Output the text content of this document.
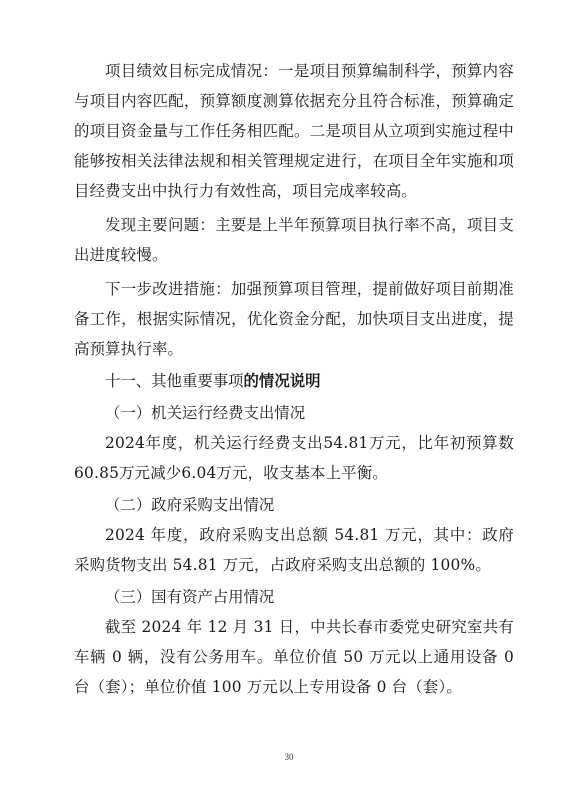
项目绩效目标完成情况：一是项目预算编制科学，预算内容与项目内容匹配，预算额度测算依据充分且符合标准，预算确定的项目资金量与工作任务相匹配。二是项目从立项到实施过程中能够按相关法律法规和相关管理规定进行，在项目全年实施和项目经费支出中执行力有效性高，项目完成率较高。

发现主要问题：主要是上半年预算项目执行率不高，项目支出进度较慢。

下一步改进措施：加强预算项目管理，提前做好项目前期准备工作，根据实际情况，优化资金分配，加快项目支出进度，提高预算执行率。

十一、其他重要事项的情况说明

（一）机关运行经费支出情况

2024年度，机关运行经费支出54.81万元，比年初预算数60.85万元减少6.04万元，收支基本上平衡。

（二）政府采购支出情况

2024 年度，政府采购支出总额 54.81 万元，其中：政府采购货物支出 54.81 万元，占政府采购支出总额的 100%。

（三）国有资产占用情况

截至 2024 年 12 月 31 日，中共长春市委党史研究室共有车辆 0 辆，没有公务用车。单位价值 50 万元以上通用设备 0 台（套）；单位价值 100 万元以上专用设备 0 台（套）。

30
